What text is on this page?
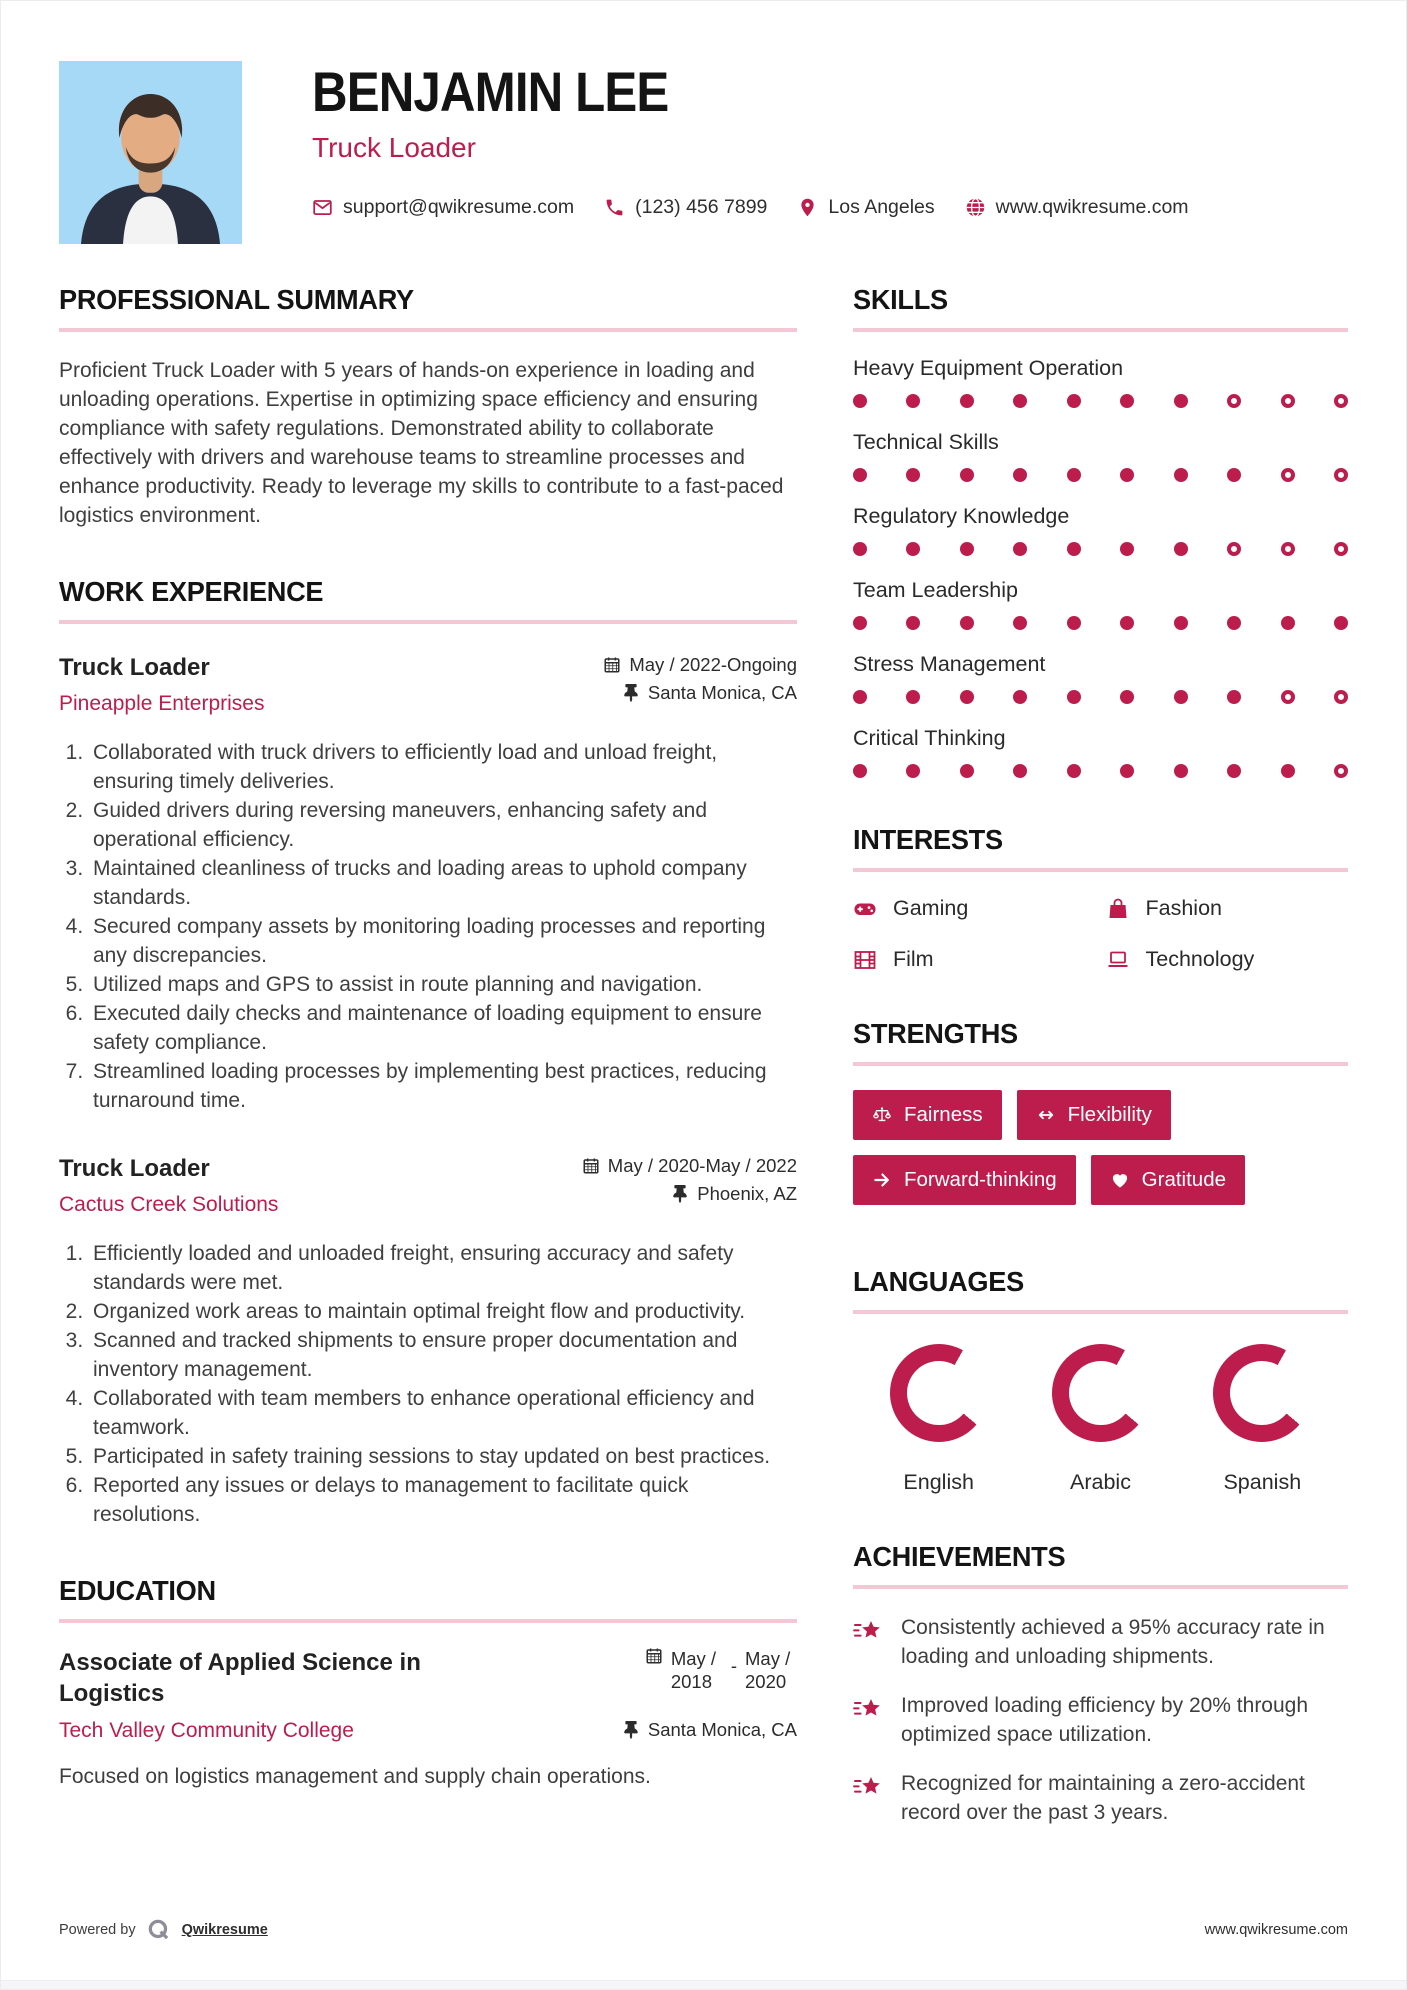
BENJAMIN LEE
Truck Loader
support@qwikresume.com	(123) 456 7899	Los Angeles	www.qwikresume.com
PROFESSIONAL SUMMARY

Proficient Truck Loader with 5 years of hands-on experience in loading and unloading operations. Expertise in optimizing space efficiency and ensuring compliance with safety regulations. Demonstrated ability to collaborate effectively with drivers and warehouse teams to streamline processes and enhance productivity. Ready to leverage my skills to contribute to a fast-paced logistics environment.

WORK EXPERIENCE
Truck Loader	May / 2022-Ongoing
Pineapple Enterprises	Santa Monica, CA
1. Collaborated with truck drivers to efficiently load and unload freight, ensuring timely deliveries.
2. Guided drivers during reversing maneuvers, enhancing safety and operational efficiency.
3. Maintained cleanliness of trucks and loading areas to uphold company standards.
4. Secured company assets by monitoring loading processes and reporting any discrepancies.
5. Utilized maps and GPS to assist in route planning and navigation.
6. Executed daily checks and maintenance of loading equipment to ensure safety compliance.
7. Streamlined loading processes by implementing best practices, reducing turnaround time.
Truck Loader	May / 2020-May / 2022
Cactus Creek Solutions	Phoenix, AZ
1. Efficiently loaded and unloaded freight, ensuring accuracy and safety standards were met.
2. Organized work areas to maintain optimal freight flow and productivity.
3. Scanned and tracked shipments to ensure proper documentation and inventory management.
4. Collaborated with team members to enhance operational efficiency and teamwork.
5. Participated in safety training sessions to stay updated on best practices.
6. Reported any issues or delays to management to facilitate quick resolutions.
EDUCATION
Associate of Applied Science in Logistics
May / 2018
- May / 2020
Tech Valley Community College	Santa Monica, CA
Focused on logistics management and supply chain operations.
SKILLS
Heavy Equipment Operation
Technical Skills
Regulatory Knowledge
Team Leadership
Stress Management
Critical Thinking
INTERESTS
Gaming	Fashion
Film	Technology
STRENGTHS
Fairness	Flexibility
Forward-thinking	Gratitude
LANGUAGES
English	Arabic	Spanish
ACHIEVEMENTS

Consistently achieved a 95% accuracy rate in loading and unloading shipments.

Improved loading efficiency by 20% through optimized space utilization.

Recognized for maintaining a zero-accident record over the past 3 years.

Powered by	Qwikresume	www.qwikresume.com
